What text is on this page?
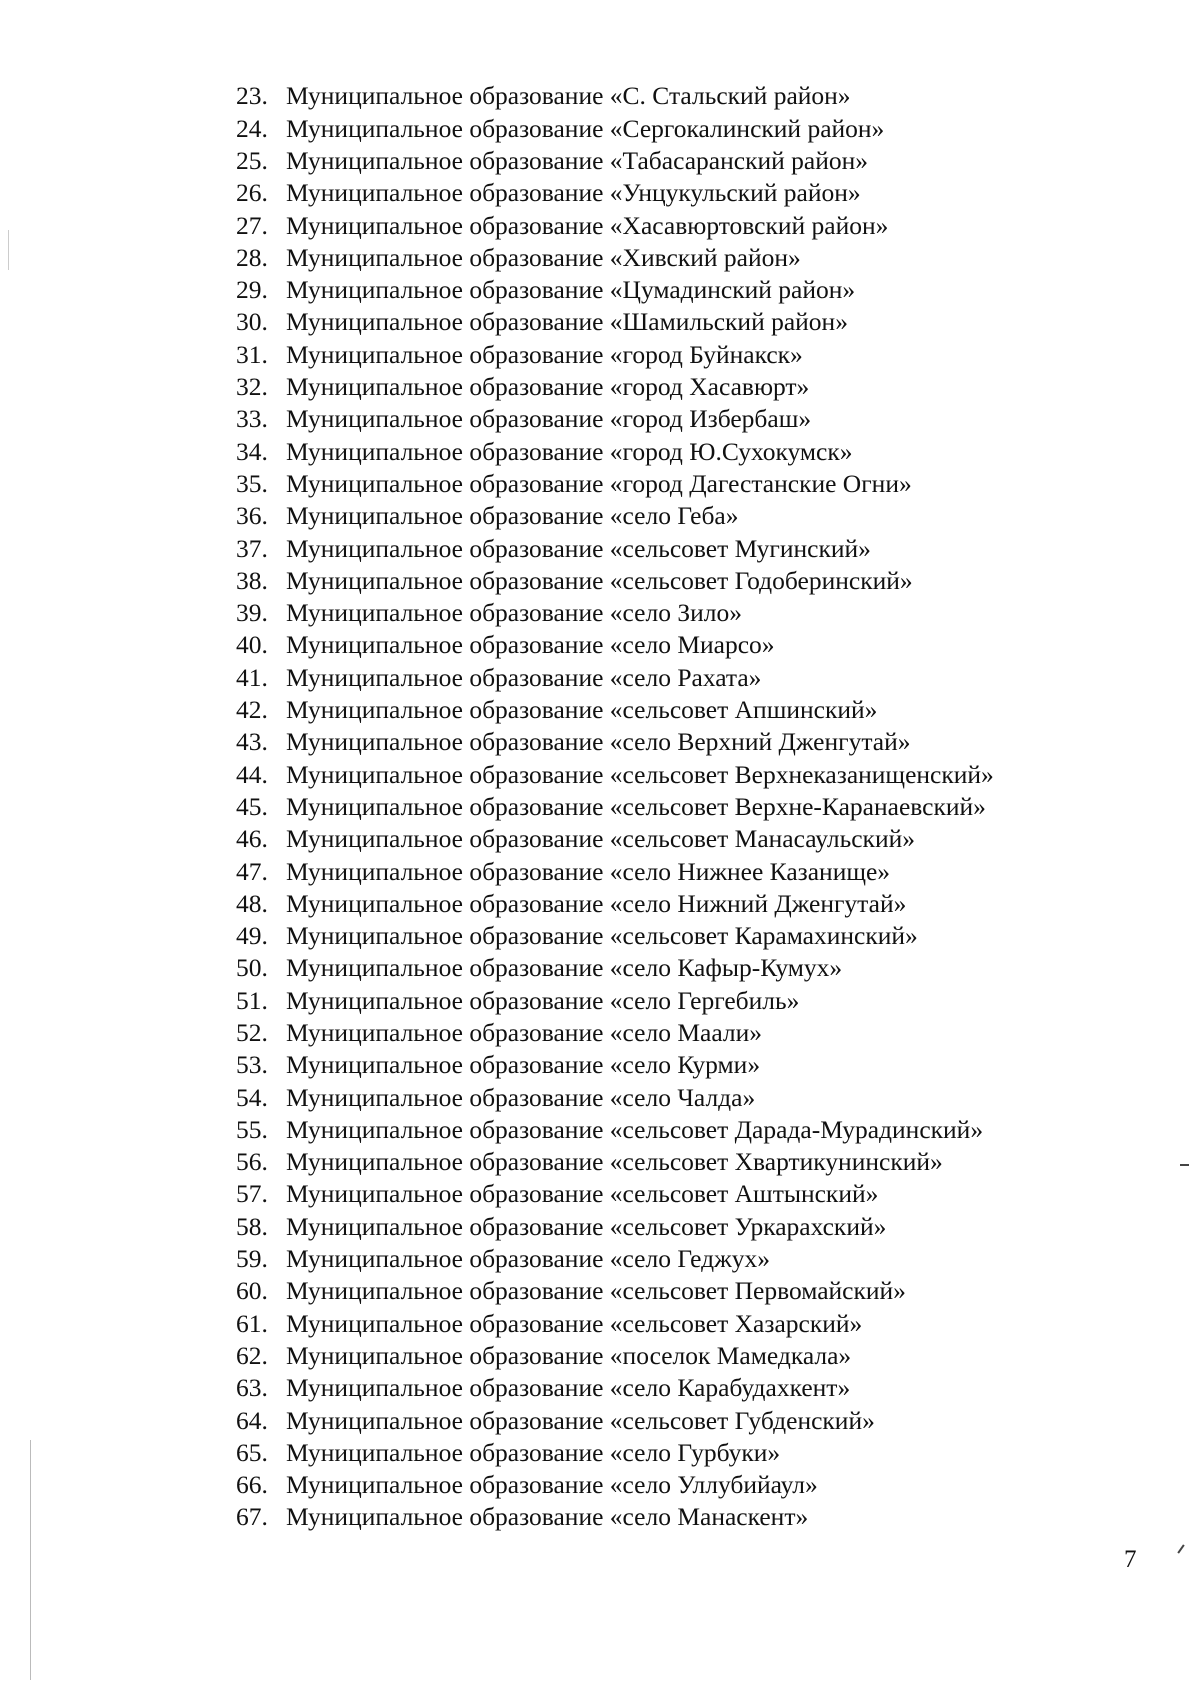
23. Муниципальное образование «С. Стальский район»
24. Муниципальное образование «Сергокалинский район»
25. Муниципальное образование «Табасаранский район»
26. Муниципальное образование «Унцукульский район»
27. Муниципальное образование «Хасавюртовский район»
28. Муниципальное образование «Хивский район»
29. Муниципальное образование «Цумадинский район»
30. Муниципальное образование «Шамильский район»
31. Муниципальное образование «город Буйнакск»
32. Муниципальное образование «город Хасавюрт»
33. Муниципальное образование «город Избербаш»
34. Муниципальное образование «город Ю.Сухокумск»
35. Муниципальное образование «город Дагестанские Огни»
36. Муниципальное образование «село Геба»
37. Муниципальное образование «сельсовет Мугинский»
38. Муниципальное образование «сельсовет Годоберинский»
39. Муниципальное образование «село Зило»
40. Муниципальное образование «село Миарсо»
41. Муниципальное образование «село Рахата»
42. Муниципальное образование «сельсовет Апшинский»
43. Муниципальное образование «село Верхний Дженгутай»
44. Муниципальное образование «сельсовет Верхнеказанищенский»
45. Муниципальное образование «сельсовет Верхне-Каранаевский»
46. Муниципальное образование «сельсовет Манасаульский»
47. Муниципальное образование «село Нижнее Казанище»
48. Муниципальное образование «село Нижний Дженгутай»
49. Муниципальное образование «сельсовет Карамахинский»
50. Муниципальное образование «село Кафыр-Кумух»
51. Муниципальное образование «село Гергебиль»
52. Муниципальное образование «село Маали»
53. Муниципальное образование «село Курми»
54. Муниципальное образование «село Чалда»
55. Муниципальное образование «сельсовет Дарада-Мурадинский»
56. Муниципальное образование «сельсовет Хвартикунинский»
57. Муниципальное образование «сельсовет Аштынский»
58. Муниципальное образование «сельсовет Уркарахский»
59. Муниципальное образование «село Геджух»
60. Муниципальное образование «сельсовет Первомайский»
61. Муниципальное образование «сельсовет Хазарский»
62. Муниципальное образование «поселок Мамедкала»
63. Муниципальное образование «село Карабудахкент»
64. Муниципальное образование «сельсовет Губденский»
65. Муниципальное образование «село Гурбуки»
66. Муниципальное образование «село Уллубийаул»
67. Муниципальное образование «село Манаскент»
7
